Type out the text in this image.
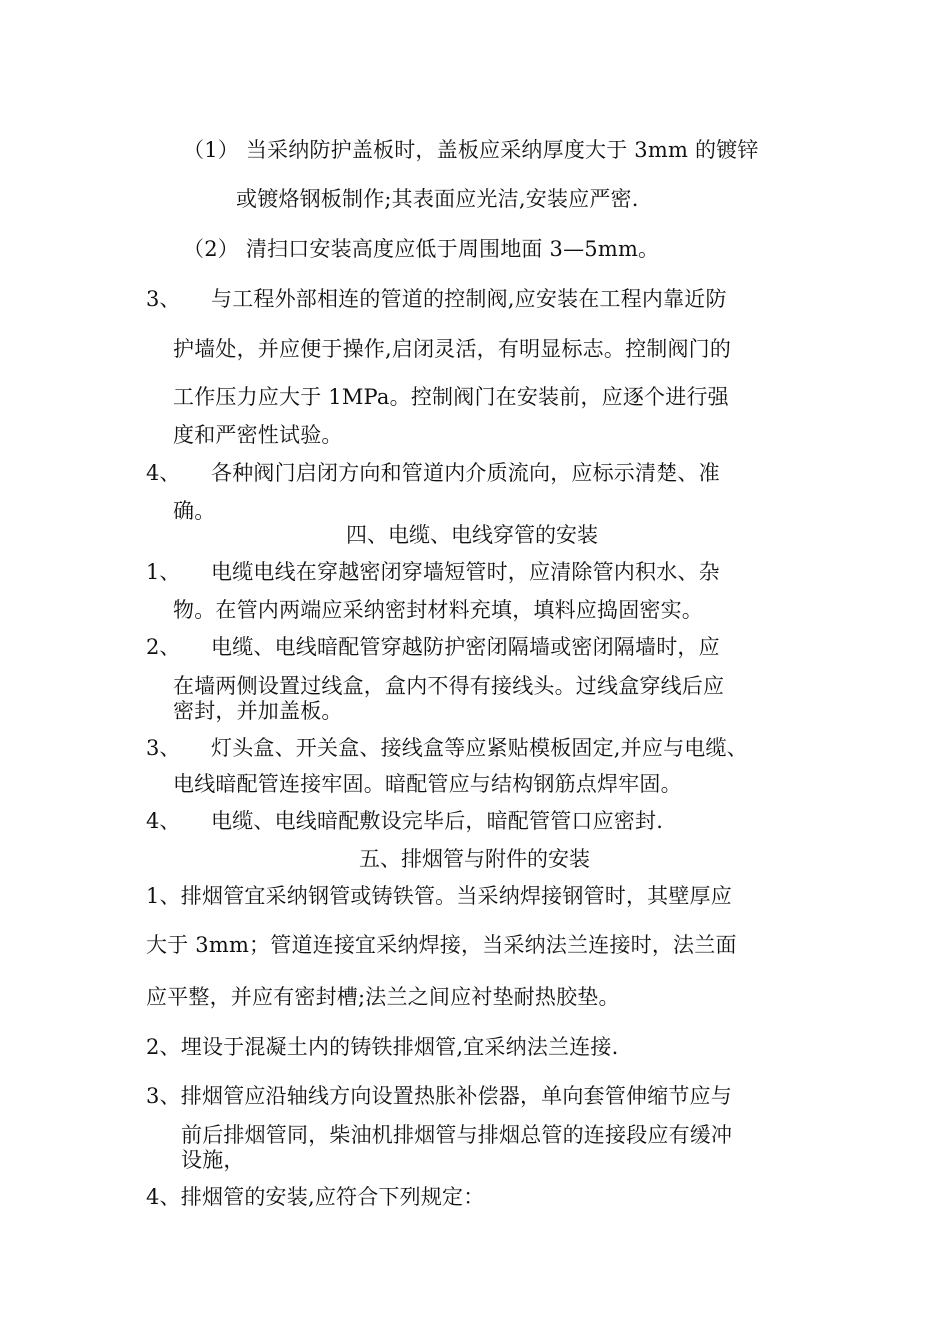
（1） 当采纳防护盖板时，盖板应采纳厚度大于 3mm 的镀锌
或镀烙钢板制作;其表面应光洁,安装应严密.
（2） 清扫口安装高度应低于周围地面 3—5mm。
3、 与工程外部相连的管道的控制阀,应安装在工程内靠近防
护墙处，并应便于操作,启闭灵活，有明显标志。控制阀门的
工作压力应大于 1MPa。控制阀门在安装前，应逐个进行强
度和严密性试验。
4、 各种阀门启闭方向和管道内介质流向，应标示清楚、准
确。
四、电缆、电线穿管的安装
1、 电缆电线在穿越密闭穿墙短管时，应清除管内积水、杂
物。在管内两端应采纳密封材料充填，填料应捣固密实。
2、 电缆、电线暗配管穿越防护密闭隔墙或密闭隔墙时，应
在墙两侧设置过线盒，盒内不得有接线头。过线盒穿线后应
密封，并加盖板。
3、 灯头盒、开关盒、接线盒等应紧贴模板固定,并应与电缆、
电线暗配管连接牢固。暗配管应与结构钢筋点焊牢固。
4、 电缆、电线暗配敷设完毕后，暗配管管口应密封.
五、排烟管与附件的安装
1、排烟管宜采纳钢管或铸铁管。当采纳焊接钢管时，其壁厚应
大于 3mm；管道连接宜采纳焊接，当采纳法兰连接时，法兰面
应平整，并应有密封槽;法兰之间应衬垫耐热胶垫。
2、埋设于混凝土内的铸铁排烟管,宜采纳法兰连接.
3、排烟管应沿轴线方向设置热胀补偿器，单向套管伸缩节应与
前后排烟管同，柴油机排烟管与排烟总管的连接段应有缓冲
设施，
4、排烟管的安装,应符合下列规定：
